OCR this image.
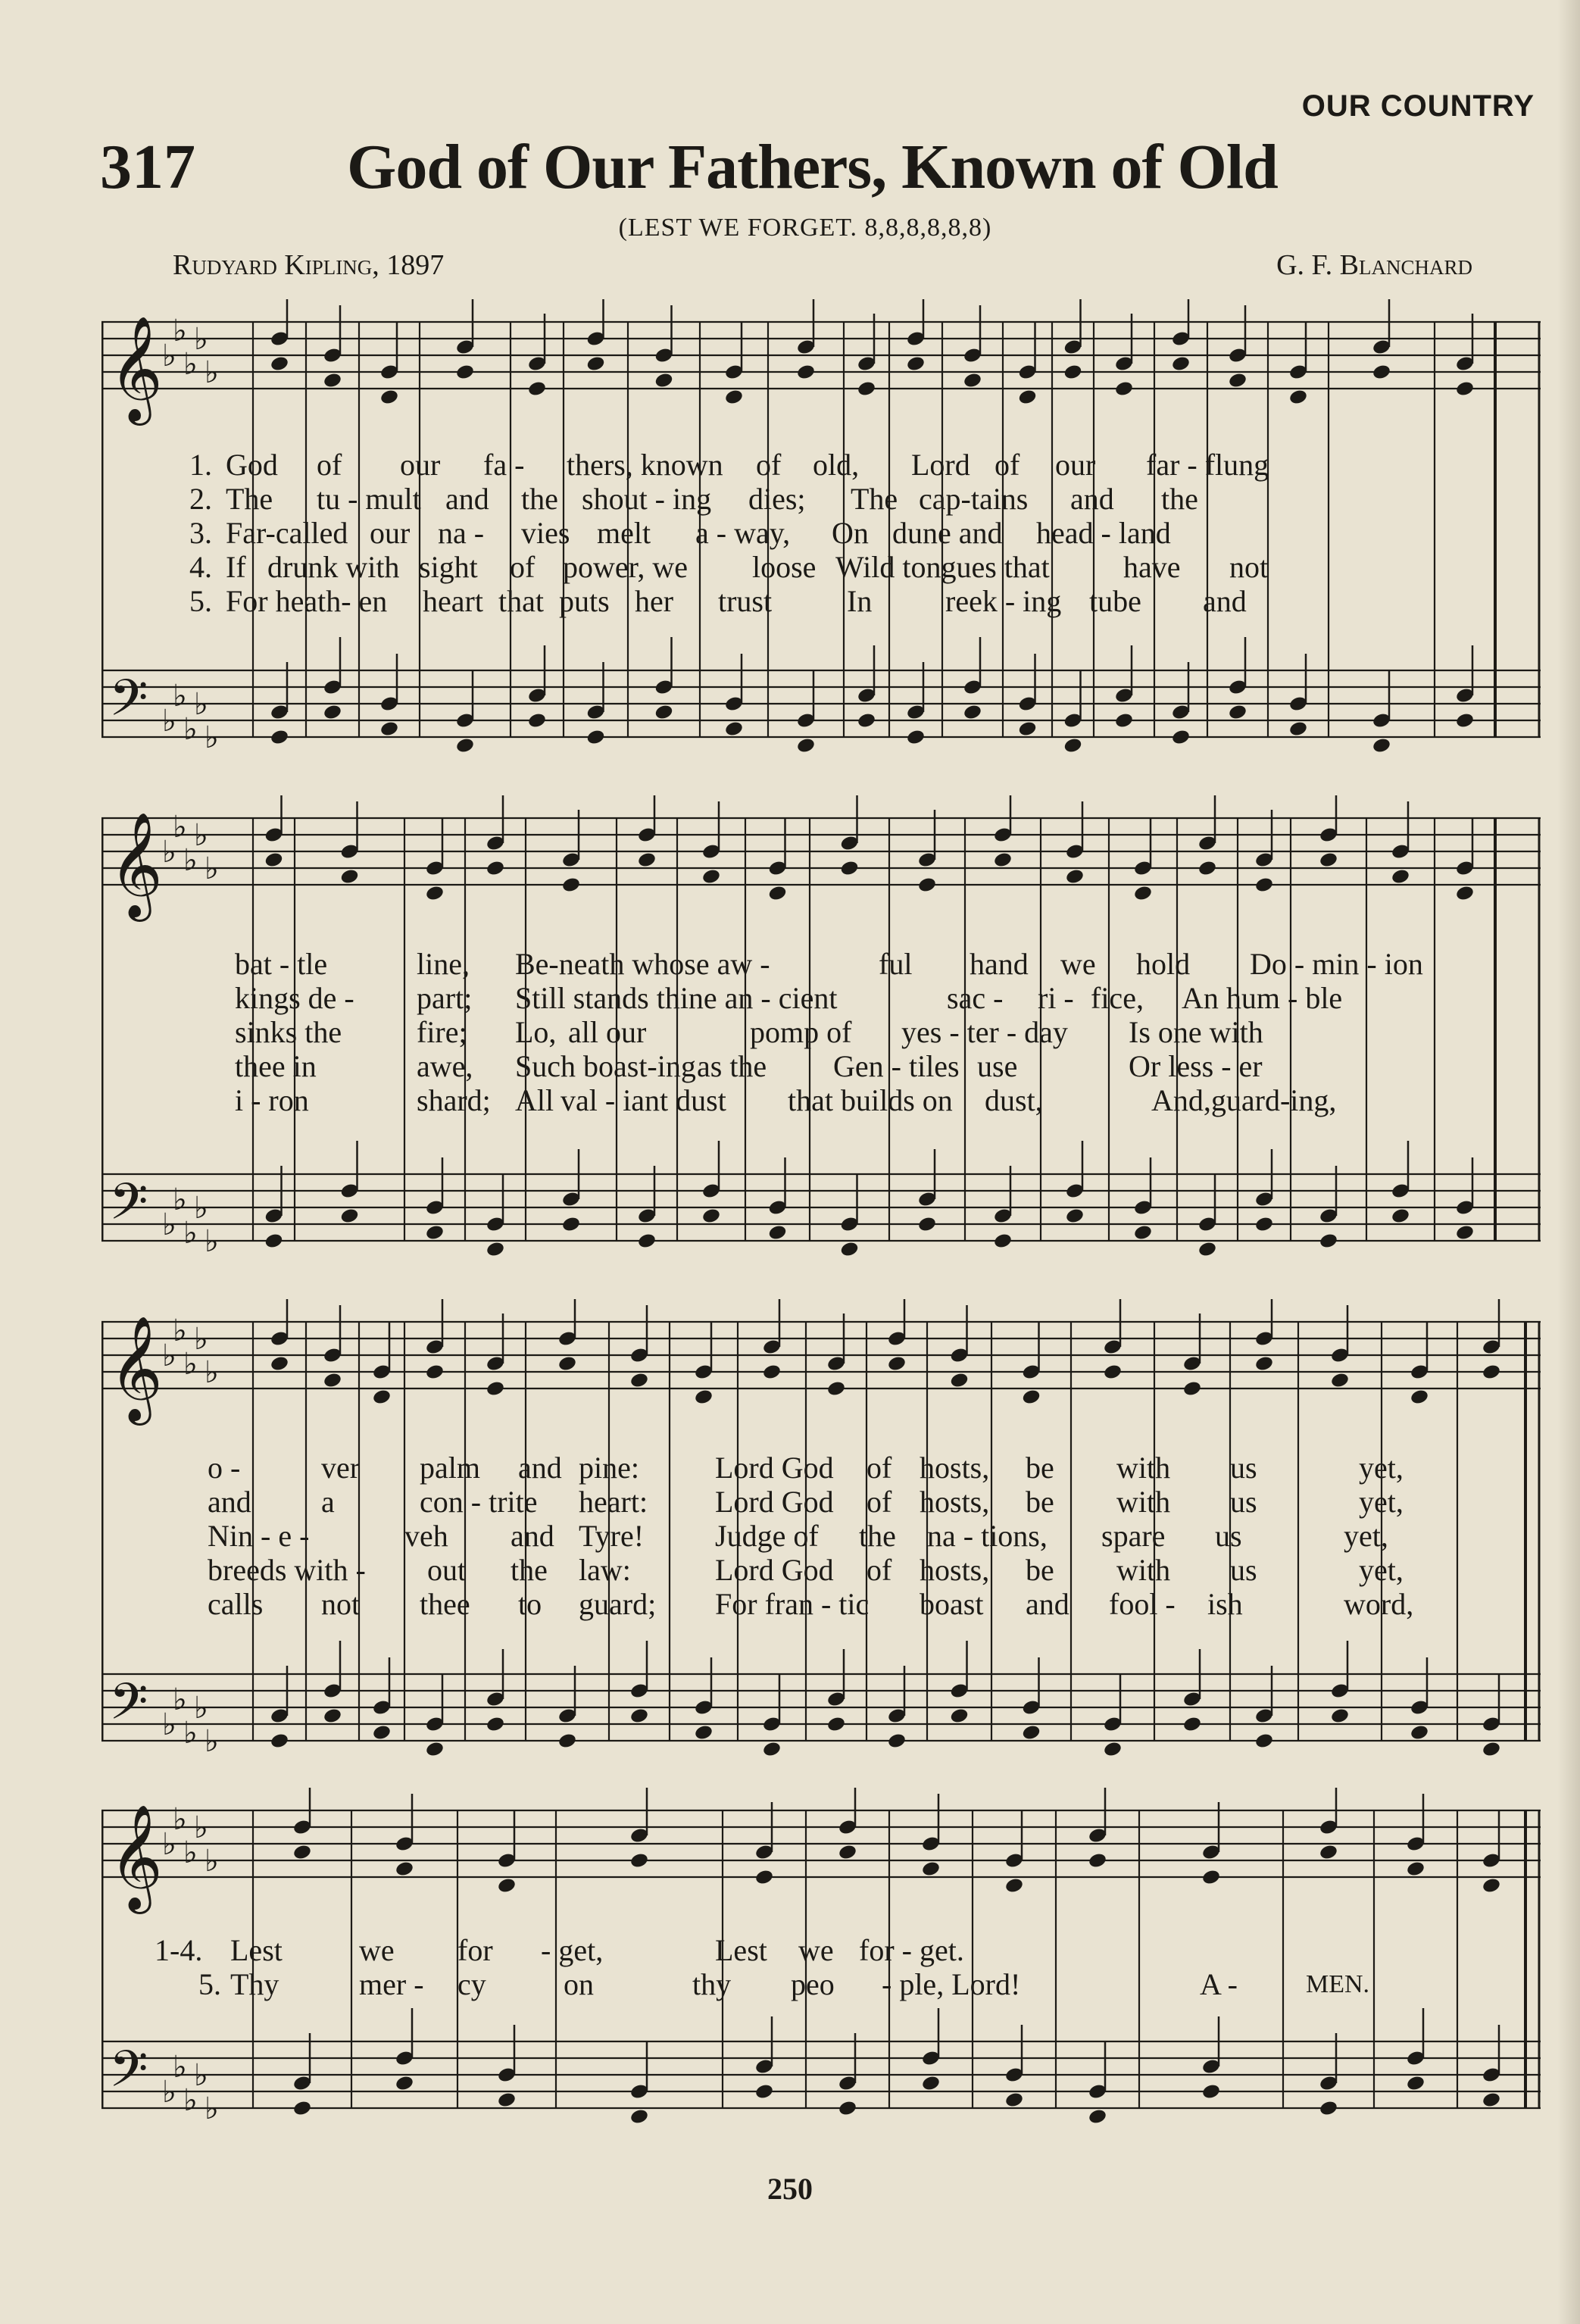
OUR COUNTRY
317 God of Our Fathers, Known of Old
(LEST WE FORGET. 8,8,8,8,8,8)
Rudyard Kipling, 1897	G. F. Blanchard
𝄞 ♭
♭
♭
♭
♭
𝄢 ♭
♭
♭
♭
♭
1. God	of	our	fa -	thers, known	of	old,	Lord of	our	far - flung
2. The	tu - mult and	the shout - ing	dies;	The cap-tains	and	the
3. Far-called our na -	vies melt	a - way,	On dune and	head - land
4. If drunk with sight	of power, we	loose Wild tongues that	have	not
5. For heath- en	heart that puts her	trust	In	reek - ing tube	and
𝄞 ♭
♭
♭
♭
♭
𝄢 ♭
♭
♭
♭
♭
bat - tle	line,	Be-neath whose aw -	ful	hand	we	hold	Do - min - ion
kings de -	part;	Still stands thine an - cient	sac -	ri - fice,	An hum - ble
sinks the	fire;	Lo, all our	pomp of	yes - ter - day	Is one with
thee in	awe,	Such boast-ing as the	Gen - tiles use	Or less - er
i - ron	shard; All val - iant dust	that builds on	dust,	And,guard-ing,
𝄞 ♭
♭
♭
♭
♭
𝄢 ♭
♭
♭
♭
♭
o -	ver	palm	and pine:	Lord God	of hosts,	be	with	us	yet,
and	a	con - trite	heart:	Lord God	of hosts,	be	with	us	yet,
Nin - e -	veh	and Tyre!	Judge of	the	na - tions,	spare	us	yet,
breeds with -	out	the	law:	Lord God	of hosts,	be	with	us	yet,
calls	not	thee	to	guard;	For fran - tic	boast	and	fool -	ish	word,
𝄞 ♭
♭
♭
♭
♭
𝄢 ♭
♭
♭
♭
♭
1-4. Lest	we	for	- get,	Lest	we for - get.
5. Thy	mer -	cy	on	thy	peo	- ple, Lord!	A -	MEN.
250
